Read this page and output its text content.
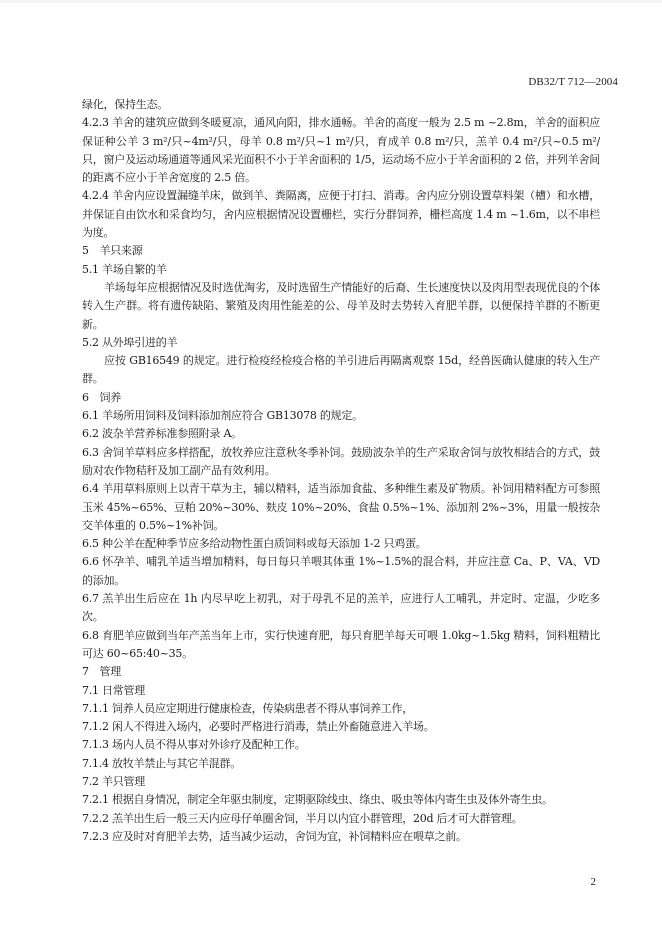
DB32/T 712—2004

绿化，保持生态。

4.2.3 羊舍的建筑应做到冬暖夏凉，通风向阳，排水通畅。羊舍的高度一般为 2.5 m ~2.8m，羊舍的面积应保证种公羊 3 m²/只~4m²/只，母羊 0.8 m²/只~1 m²/只，育成羊 0.8 m²/只，羔羊 0.4 m²/只~0.5 m²/只，窗户及运动场通道等通风采光面积不小于羊舍面积的 1/5，运动场不应小于羊舍面积的 2 倍，并列羊舍间的距离不应小于羊舍宽度的 2.5 倍。

4.2.4 羊舍内应设置漏缝羊床，做到羊、粪隔离，应便于打扫、消毒。舍内应分别设置草料架（槽）和水槽，并保证自由饮水和采食均匀，舍内应根据情况设置栅栏，实行分群饲养，栅栏高度 1.4 m ~1.6m，以不串栏为度。

5　羊只来源

5.1 羊场自繁的羊

羊场每年应根据情况及时选优淘劣，及时选留生产情能好的后裔、生长速度快以及肉用型表现优良的个体转入生产群。将有遗传缺陷、繁殖及肉用性能差的公、母羊及时去势转入育肥羊群，以便保持羊群的不断更新。

5.2 从外埠引进的羊

应按 GB16549 的规定。进行检疫经检疫合格的羊引进后再隔离观察 15d，经兽医确认健康的转入生产群。

6　饲养

6.1 羊场所用饲料及饲料添加剂应符合 GB13078 的规定。

6.2 波杂羊营养标准参照附录 A。

6.3 舍饲羊草料应多样搭配，放牧养应注意秋冬季补饲。鼓励波杂羊的生产采取舍饲与放牧相结合的方式，鼓励对农作物秸秆及加工副产品有效利用。

6.4 羊用草料原则上以青干草为主，辅以精料，适当添加食盐、多种维生素及矿物质。补饲用精料配方可参照玉米 45%~65%、豆粕 20%~30%、麸皮 10%~20%、食盐 0.5%~1%、添加剂 2%~3%，用量一般按杂交羊体重的 0.5%~1%补饲。

6.5 种公羊在配种季节应多给动物性蛋白质饲料或每天添加 1-2 只鸡蛋。

6.6 怀孕羊、哺乳羊适当增加精料，每日每只羊喂其体重 1%~1.5%的混合料，并应注意 Ca、P、VA、VD 的添加。

6.7 羔羊出生后应在 1h 内尽早吃上初乳，对于母乳不足的羔羊，应进行人工哺乳，并定时、定温，少吃多次。

6.8 育肥羊应做到当年产羔当年上市，实行快速育肥，每只育肥羊每天可喂 1.0kg~1.5kg 精料，饲料粗精比可达 60~65:40~35。

7　管理

7.1 日常管理

7.1.1 饲养人员应定期进行健康检查，传染病患者不得从事饲养工作，

7.1.2 闲人不得进入场内，必要时严格进行消毒，禁止外畜随意进入羊场。

7.1.3 场内人员不得从事对外诊疗及配种工作。

7.1.4 放牧羊禁止与其它羊混群。

7.2 羊只管理

7.2.1 根据自身情况，制定全年驱虫制度，定期驱除线虫、绦虫、吸虫等体内寄生虫及体外寄生虫。

7.2.2 羔羊出生后一般三天内应母仔单圈舍饲，半月以内宜小群管理，20d 后才可大群管理。

7.2.3 应及时对育肥羊去势，适当减少运动，舍饲为宜，补饲精料应在喂草之前。

2
